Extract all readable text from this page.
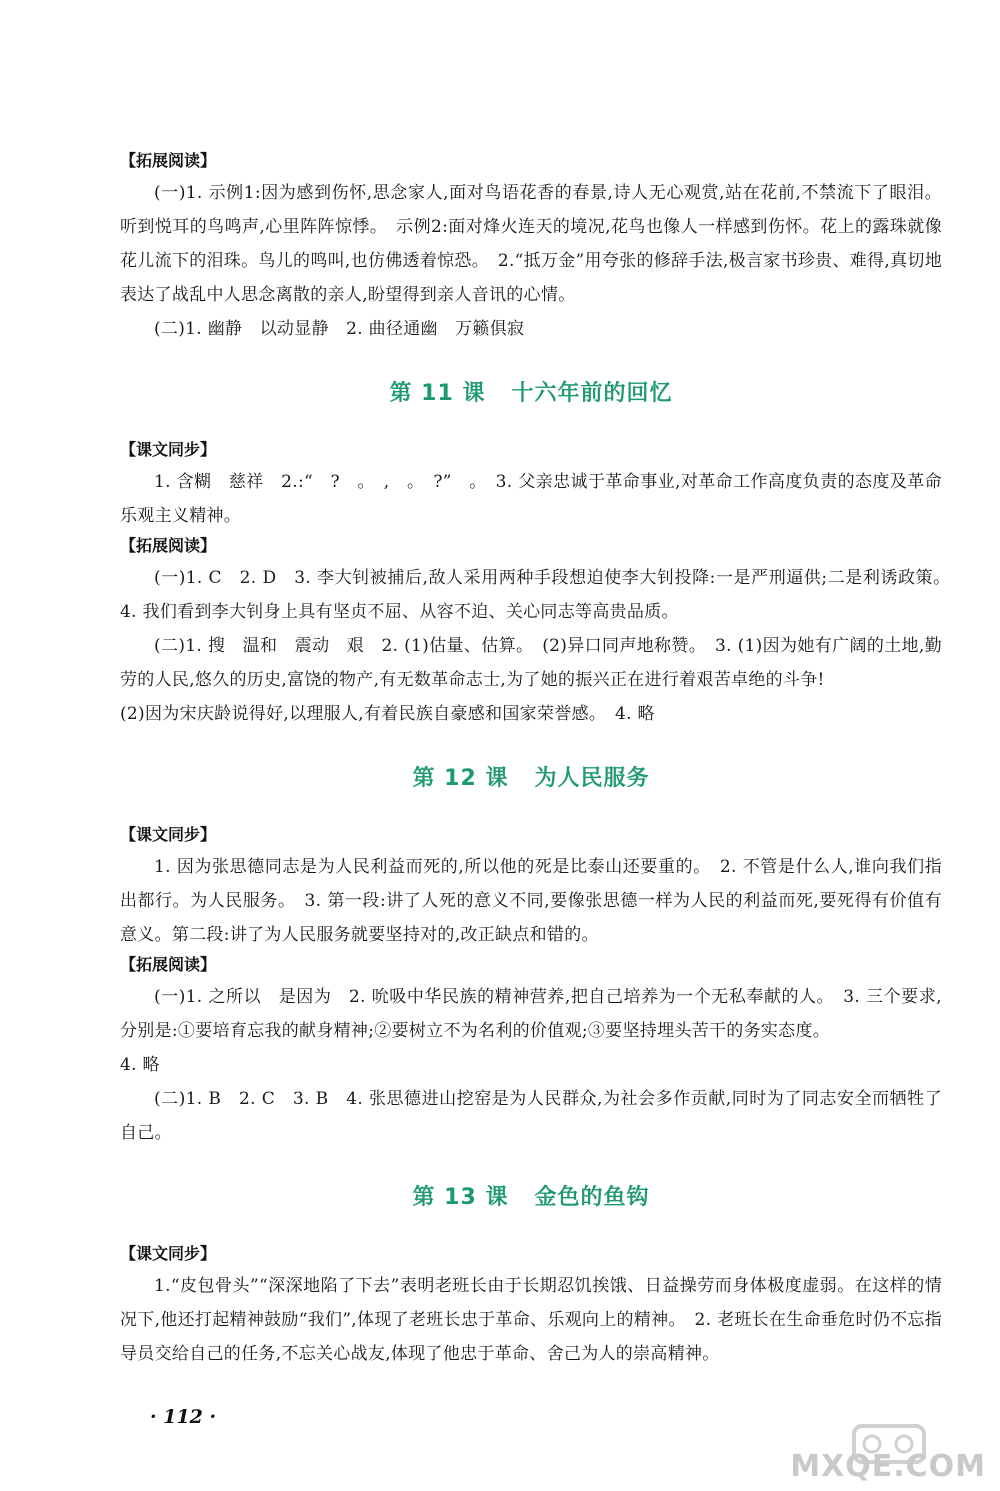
【拓展阅读】

(一)1. 示例1:因为感到伤怀,思念家人,面对鸟语花香的春景,诗人无心观赏,站在花前,不禁流下了眼泪。听到悦耳的鸟鸣声,心里阵阵惊悸。　示例2:面对烽火连天的境况,花鸟也像人一样感到伤怀。花上的露珠就像花儿流下的泪珠。鸟儿的鸣叫,也仿佛透着惊恐。　2.“抵万金”用夸张的修辞手法,极言家书珍贵、难得,真切地表达了战乱中人思念离散的亲人,盼望得到亲人音讯的心情。

(二)1. 幽静　以动显静　2. 曲径通幽　万籁俱寂

第 11 课 十六年前的回忆
【课文同步】

1. 含糊　慈祥　2.:“　?　。　,　。　?”　。　3. 父亲忠诚于革命事业,对革命工作高度负责的态度及革命乐观主义精神。

【拓展阅读】

(一)1. C　2. D　3. 李大钊被捕后,敌人采用两种手段想迫使李大钊投降:一是严刑逼供;二是利诱政策。　4. 我们看到李大钊身上具有坚贞不屈、从容不迫、关心同志等高贵品质。

(二)1. 搜　温和　震动　艰　2. (1)估量、估算。　(2)异口同声地称赞。　3. (1)因为她有广阔的土地,勤劳的人民,悠久的历史,富饶的物产,有无数革命志士,为了她的振兴正在进行着艰苦卓绝的斗争!

(2)因为宋庆龄说得好,以理服人,有着民族自豪感和国家荣誉感。　4. 略

第 12 课 为人民服务
【课文同步】

1. 因为张思德同志是为人民利益而死的,所以他的死是比泰山还要重的。　2. 不管是什么人,谁向我们指出都行。为人民服务。　3. 第一段:讲了人死的意义不同,要像张思德一样为人民的利益而死,要死得有价值有意义。第二段:讲了为人民服务就要坚持对的,改正缺点和错的。

【拓展阅读】

(一)1. 之所以　是因为　2. 吮吸中华民族的精神营养,把自己培养为一个无私奉献的人。　3. 三个要求,分别是:①要培育忘我的献身精神;②要树立不为名利的价值观;③要坚持埋头苦干的务实态度。

4. 略

(二)1. B　2. C　3. B　4. 张思德进山挖窑是为人民群众,为社会多作贡献,同时为了同志安全而牺牲了自己。

第 13 课 金色的鱼钩
【课文同步】

1.“皮包骨头”“深深地陷了下去”表明老班长由于长期忍饥挨饿、日益操劳而身体极度虚弱。在这样的情况下,他还打起精神鼓励“我们”,体现了老班长忠于革命、乐观向上的精神。　2. 老班长在生命垂危时仍不忘指导员交给自己的任务,不忘关心战友,体现了他忠于革命、舍己为人的崇高精神。

· 112 ·
MXQE.COM
